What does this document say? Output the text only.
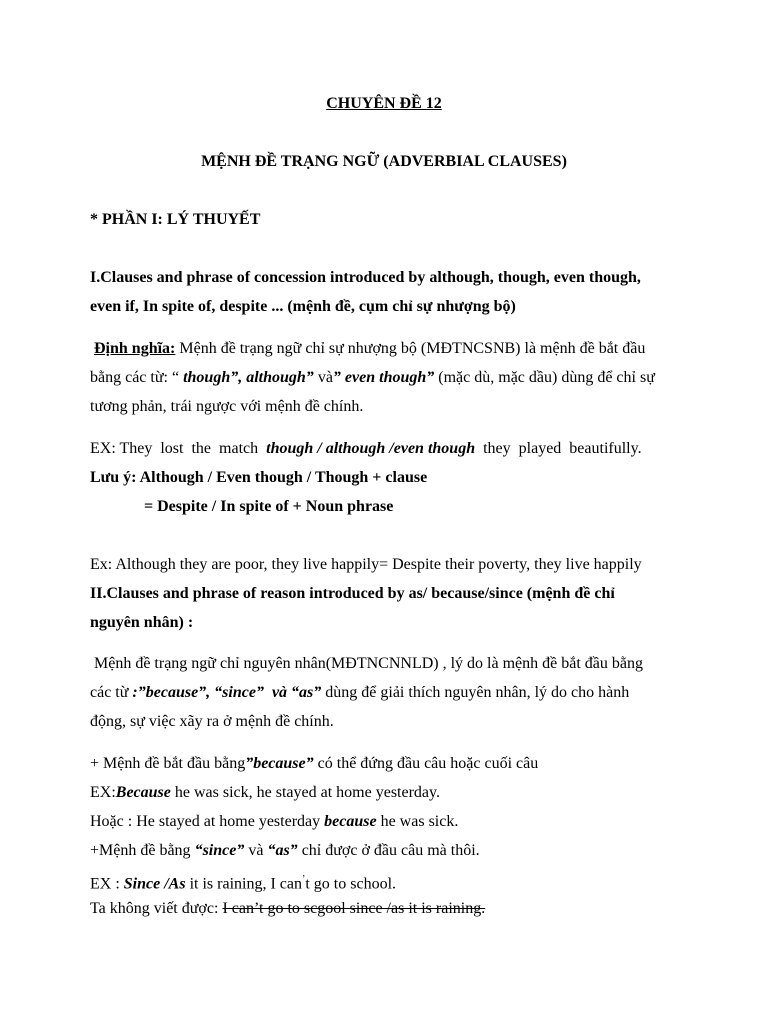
CHUYÊN ĐỀ 12
MỆNH ĐỀ TRẠNG NGỮ (ADVERBIAL CLAUSES)
* PHẦN I: LÝ THUYẾT
I.Clauses and phrase of concession introduced by although, though, even though,
even if, In spite of, despite ... (mệnh đề, cụm chỉ sự nhượng bộ)
Định nghĩa: Mệnh đề trạng ngữ chỉ sự nhượng bộ (MĐTNCSNB) là mệnh đề bắt đầu
bằng các từ: “ though”, although” và” even though” (mặc dù, mặc dầu) dùng để chỉ sự
tương phản, trái ngược với mệnh đề chính.
EX: They  lost  the  match  though / although /even though  they  played  beautifully.
Lưu ý: Although / Even though / Though + clause
= Despite / In spite of + Noun phrase
Ex: Although they are poor, they live happily= Despite their poverty, they live happily
II.Clauses and phrase of reason introduced by as/ because/since (mệnh đề chỉ
nguyên nhân) :
Mệnh đề trạng ngữ chỉ nguyên nhân(MĐTNCNNLD) , lý do là mệnh đề bắt đầu bằng
các từ :”because”, “since”  và “as” dùng để giải thích nguyên nhân, lý do cho hành
động, sự việc xãy ra ở mệnh đề chính.
+ Mệnh đề bắt đầu bằng”because” có thể đứng đầu câu hoặc cuối câu
EX:Because he was sick, he stayed at home yesterday.
Hoặc : He stayed at home yesterday because he was sick.
+Mệnh đề bằng “since” và “as” chỉ được ở đầu câu mà thôi.
EX : Since /As it is raining, I can’t go to school.
Ta không viết được: I can’t go to scgool since /as it is raining.
